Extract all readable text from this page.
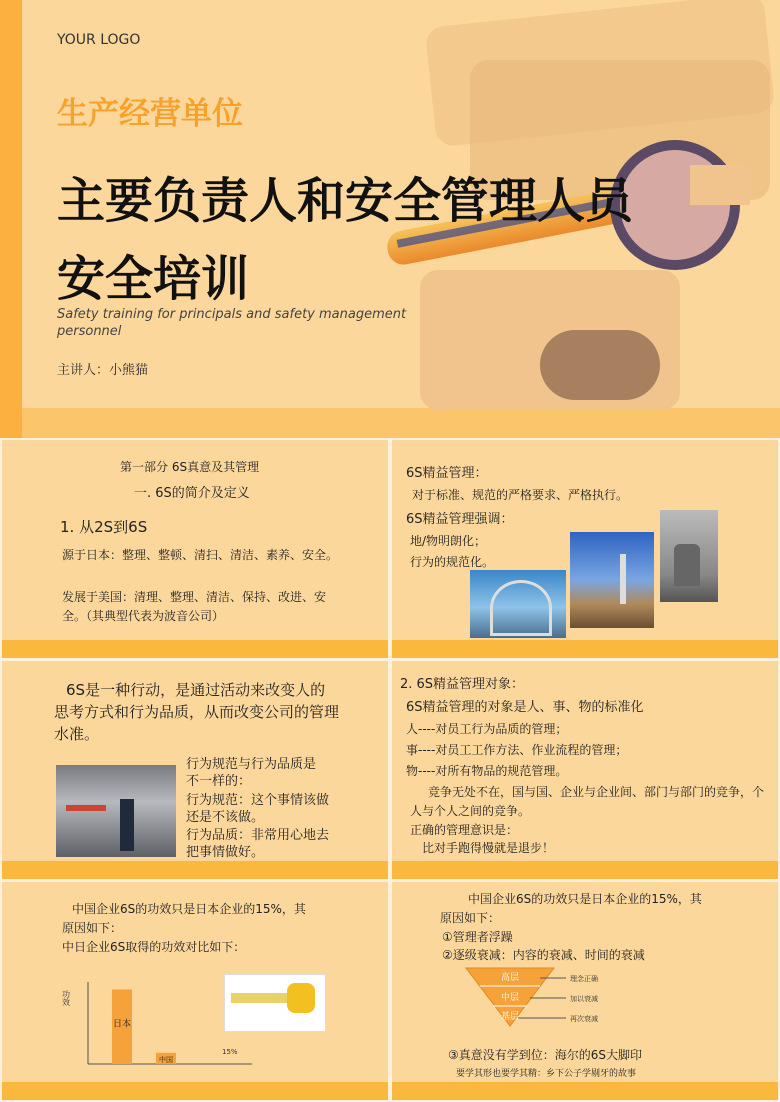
YOUR LOGO
生产经营单位
主要负责人和安全管理人员
安全培训
Safety training for principals and safety management personnel
主讲人：小熊猫
第一部分 6S真意及其管理
一. 6S的简介及定义
1. 从2S到6S
源于日本：整理、整顿、清扫、清洁、素养、安全。
发展于美国：清理、整理、清洁、保持、改进、安全。（其典型代表为波音公司）
6S精益管理：
对于标准、规范的严格要求、严格执行。
6S精益管理强调：
地/物明朗化；
行为的规范化。
6S是一种行动，是通过活动来改变人的思考方式和行为品质，从而改变公司的管理水准。
行为规范与行为品质是
不一样的：
行为规范：这个事情该做
还是不该做。
行为品质：非常用心地去
把事情做好。
2. 6S精益管理对象：
6S精益管理的对象是人、事、物的标准化
人----对员工行为品质的管理；
事----对员工工作方法、作业流程的管理；
物----对所有物品的规范管理。
竞争无处不在，国与国、企业与企业间、部门与部门的竞争，个人与个人之间的竞争。
正确的管理意识是：
比对手跑得慢就是退步！
中国企业6S的功效只是日本企业的15%，其
原因如下：
中日企业6S取得的功效对比如下：
功效
日本
中国
15%
中国企业6S的功效只是日本企业的15%，其
原因如下：
①管理者浮躁
②逐级衰减：内容的衰减、时间的衰减
高层
中层
基层
理念正确
加以衰减
再次衰减
③真意没有学到位：海尔的6S大脚印
要学其形也要学其精：乡下公子学剔牙的故事
